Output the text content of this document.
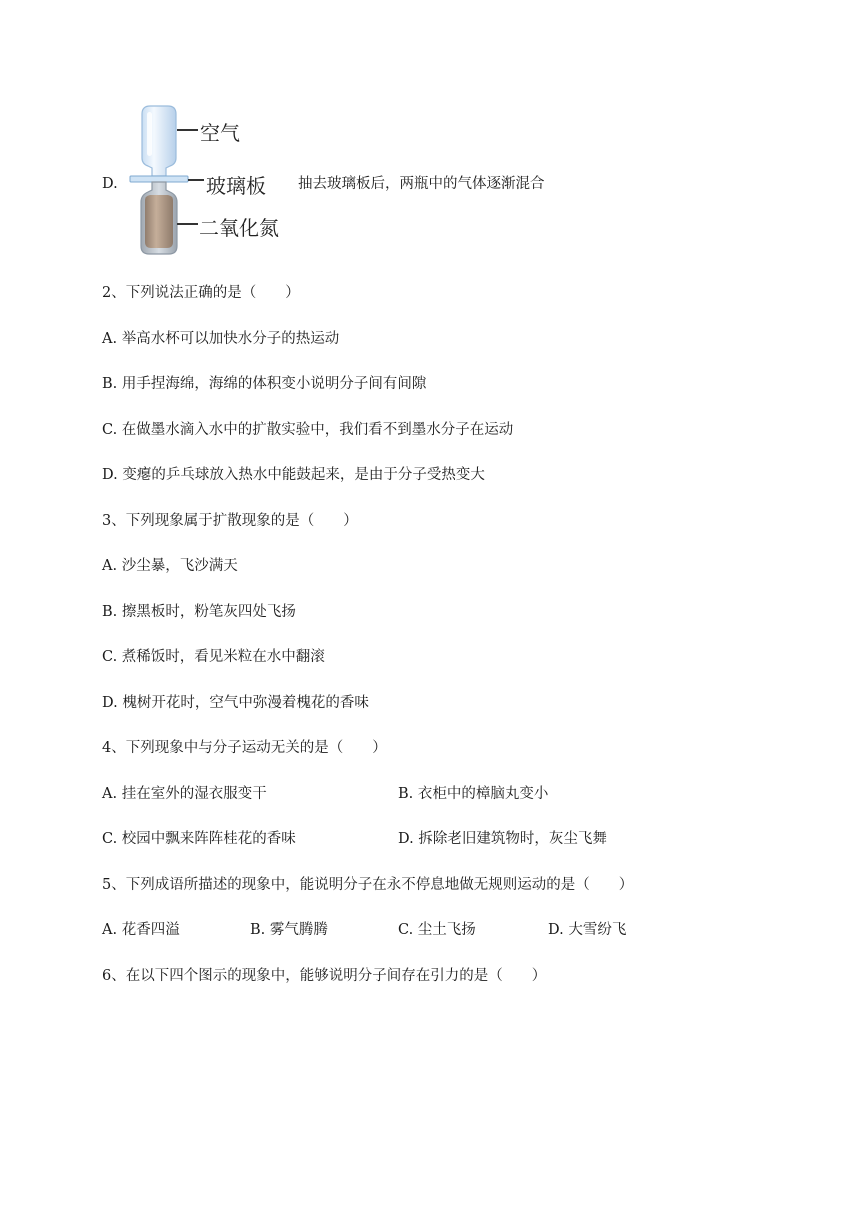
D.
空气
玻璃板
二氧化氮
抽去玻璃板后，两瓶中的气体逐渐混合
2、下列说法正确的是（　　）
A. 举高水杯可以加快水分子的热运动
B. 用手捏海绵，海绵的体积变小说明分子间有间隙
C. 在做墨水滴入水中的扩散实验中，我们看不到墨水分子在运动
D. 变瘪的乒乓球放入热水中能鼓起来，是由于分子受热变大
3、下列现象属于扩散现象的是（　　）
A. 沙尘暴，飞沙满天
B. 擦黑板时，粉笔灰四处飞扬
C. 煮稀饭时，看见米粒在水中翻滚
D. 槐树开花时，空气中弥漫着槐花的香味
4、下列现象中与分子运动无关的是（　　）
A. 挂在室外的湿衣服变干	B. 衣柜中的樟脑丸变小
C. 校园中飘来阵阵桂花的香味	D. 拆除老旧建筑物时，灰尘飞舞
5、下列成语所描述的现象中，能说明分子在永不停息地做无规则运动的是（　　）
A. 花香四溢	B. 雾气腾腾	C. 尘土飞扬	D. 大雪纷飞
6、在以下四个图示的现象中，能够说明分子间存在引力的是（　　）
